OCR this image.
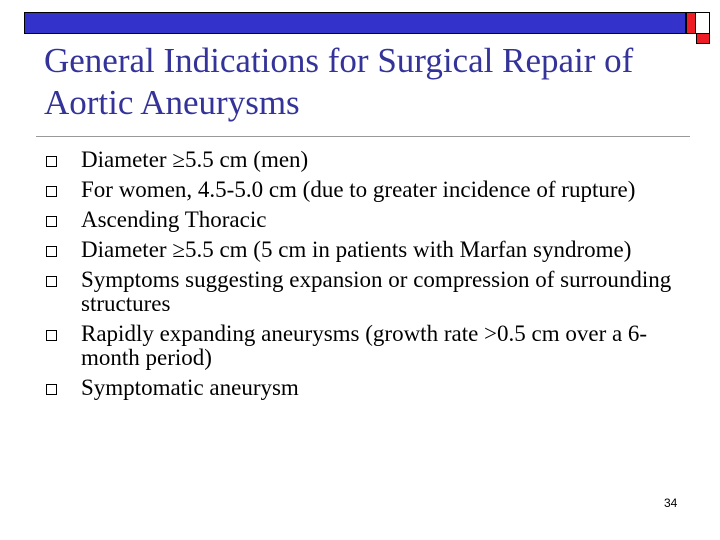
General Indications for Surgical Repair of Aortic Aneurysms
Diameter ≥5.5 cm (men)
For women, 4.5-5.0 cm (due to greater incidence of rupture)
Ascending Thoracic
Diameter ≥5.5 cm (5 cm in patients with Marfan syndrome)
Symptoms suggesting expansion or compression of surrounding structures
Rapidly expanding aneurysms (growth rate >0.5 cm over a 6-month period)
Symptomatic aneurysm
34
